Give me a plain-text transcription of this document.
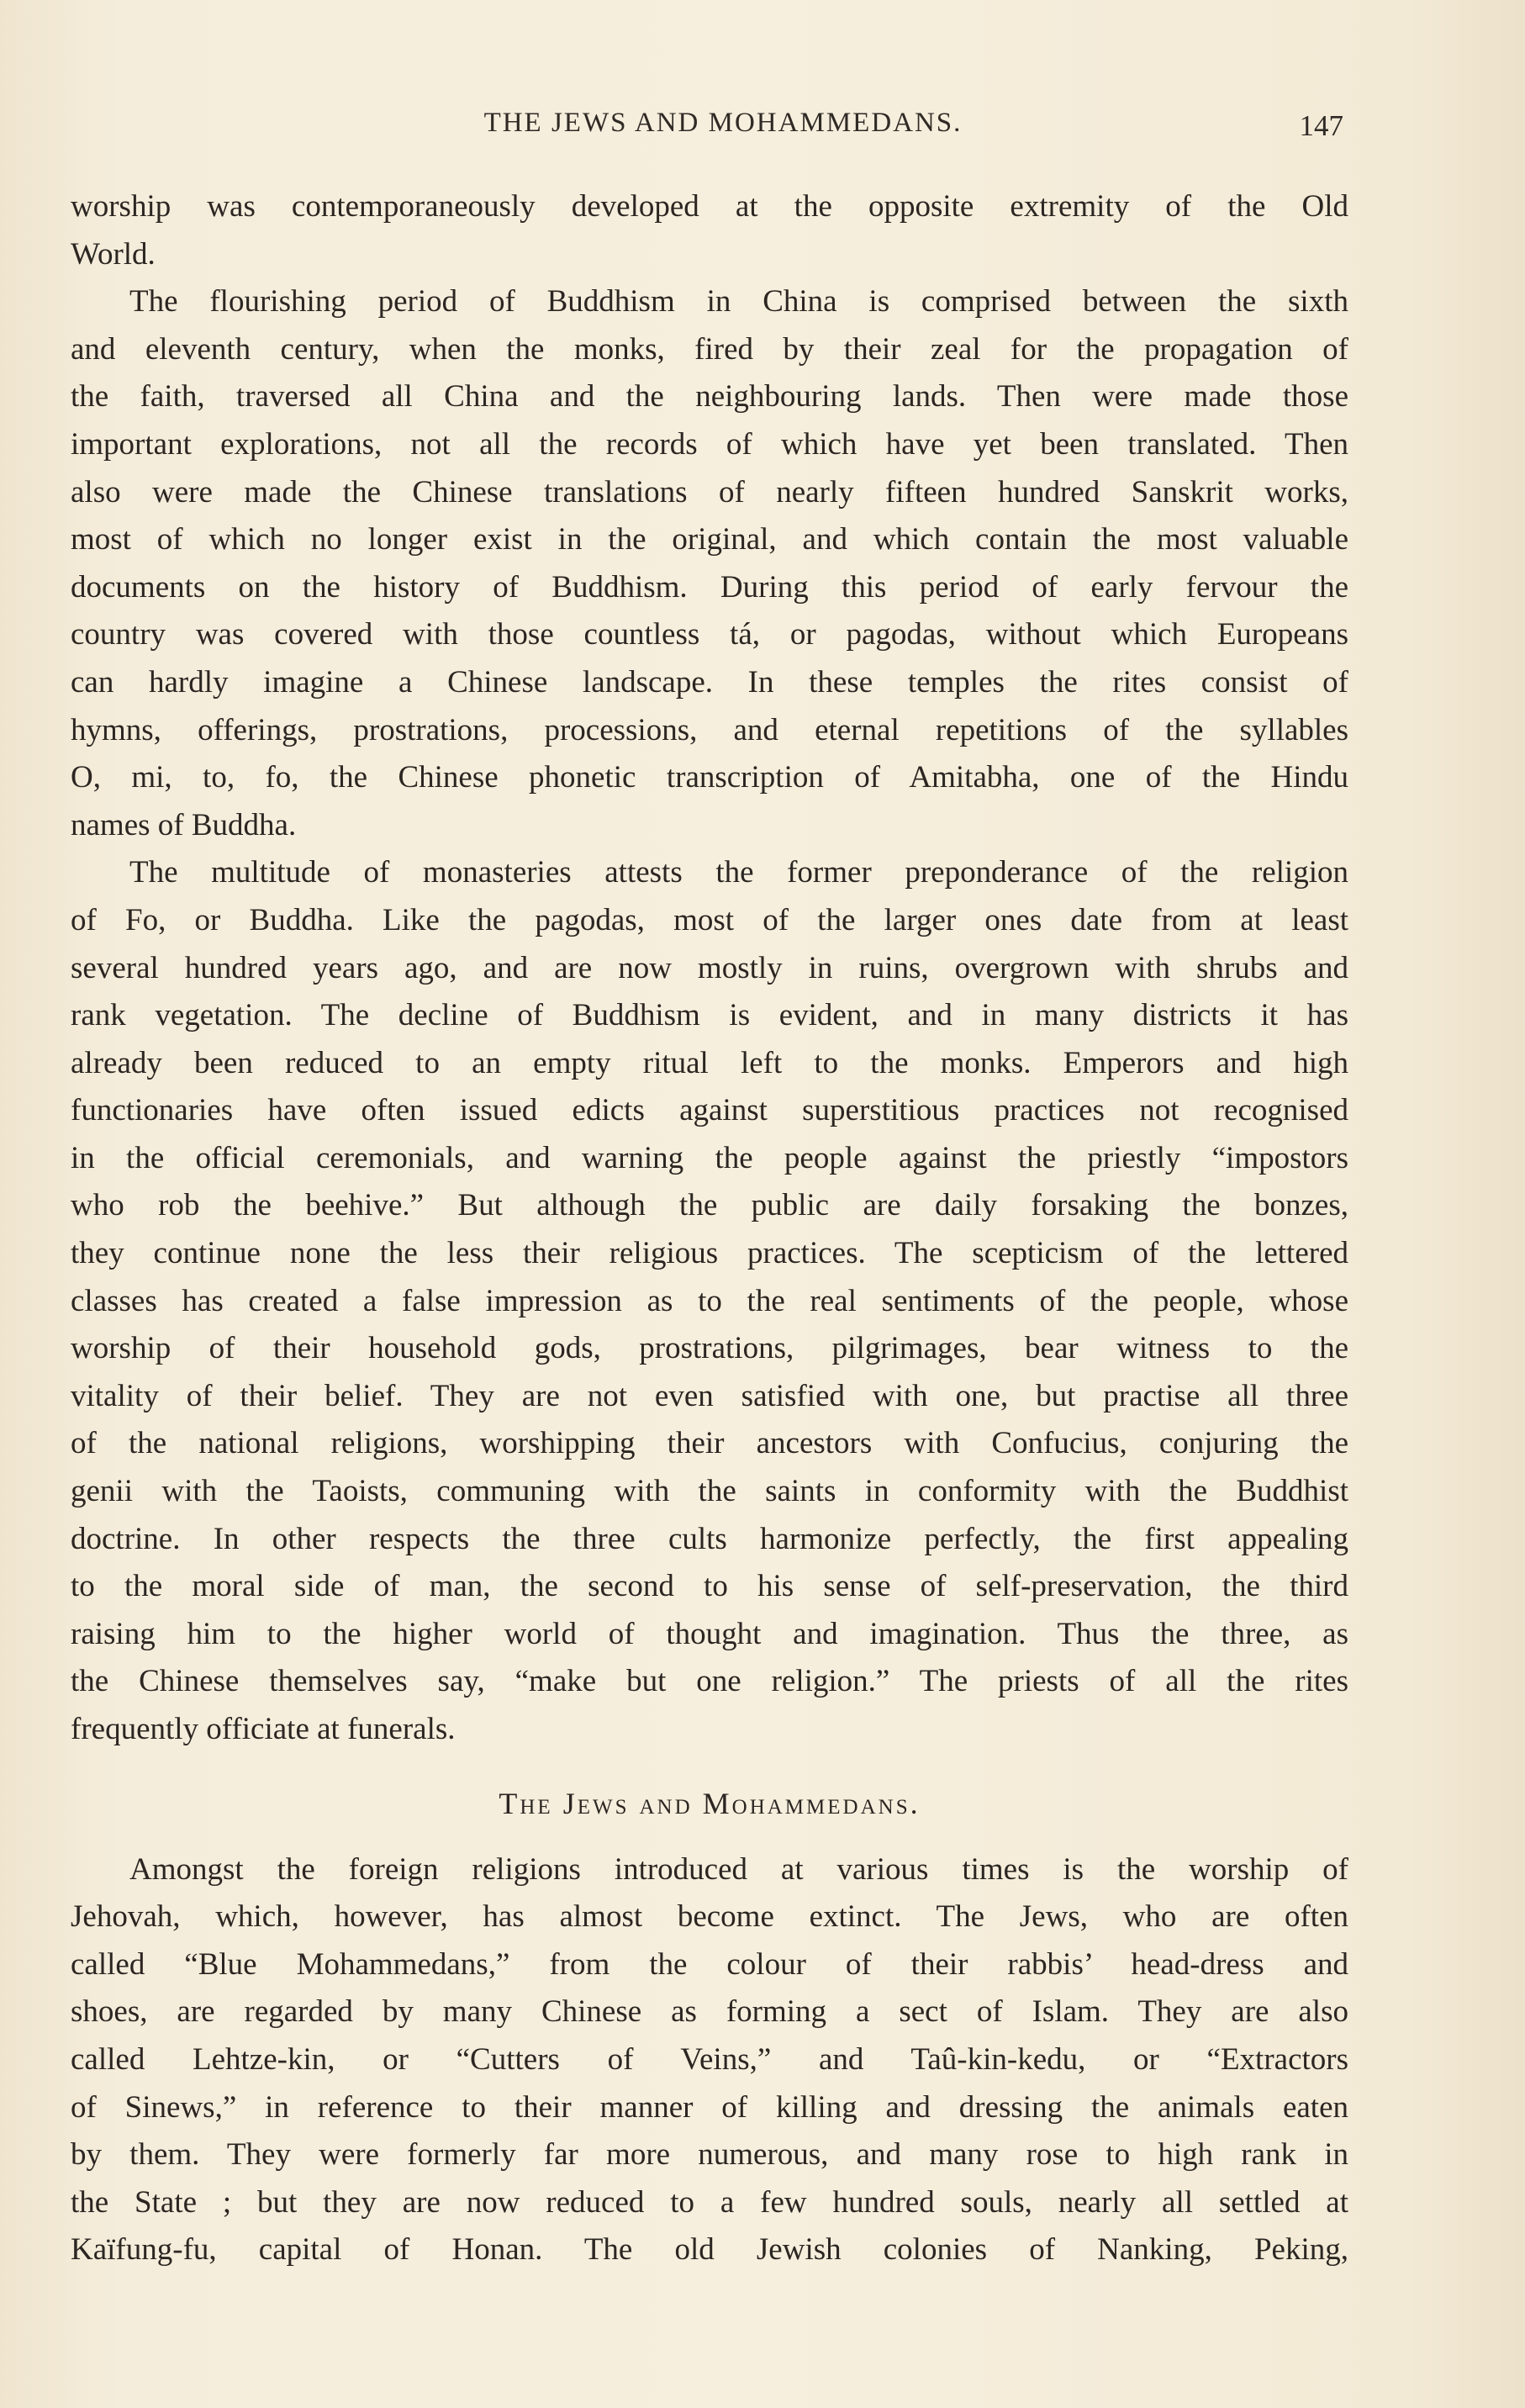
THE JEWS AND MOHAMMEDANS.	147
worship was contemporaneously developed at the opposite extremity of the Old
World.
The flourishing period of Buddhism in China is comprised between the sixth
and eleventh century, when the monks, fired by their zeal for the propagation of
the faith, traversed all China and the neighbouring lands. Then were made those
important explorations, not all the records of which have yet been translated. Then
also were made the Chinese translations of nearly fifteen hundred Sanskrit works,
most of which no longer exist in the original, and which contain the most valuable
documents on the history of Buddhism. During this period of early fervour the
country was covered with those countless tá, or pagodas, without which Europeans
can hardly imagine a Chinese landscape. In these temples the rites consist of
hymns, offerings, prostrations, processions, and eternal repetitions of the syllables
O, mi, to, fo, the Chinese phonetic transcription of Amitabha, one of the Hindu
names of Buddha.
The multitude of monasteries attests the former preponderance of the religion
of Fo, or Buddha. Like the pagodas, most of the larger ones date from at least
several hundred years ago, and are now mostly in ruins, overgrown with shrubs and
rank vegetation. The decline of Buddhism is evident, and in many districts it has
already been reduced to an empty ritual left to the monks. Emperors and high
functionaries have often issued edicts against superstitious practices not recognised
in the official ceremonials, and warning the people against the priestly “impostors
who rob the beehive.” But although the public are daily forsaking the bonzes,
they continue none the less their religious practices. The scepticism of the lettered
classes has created a false impression as to the real sentiments of the people, whose
worship of their household gods, prostrations, pilgrimages, bear witness to the
vitality of their belief. They are not even satisfied with one, but practise all three
of the national religions, worshipping their ancestors with Confucius, conjuring the
genii with the Taoists, communing with the saints in conformity with the Buddhist
doctrine. In other respects the three cults harmonize perfectly, the first appealing
to the moral side of man, the second to his sense of self-preservation, the third
raising him to the higher world of thought and imagination. Thus the three, as
the Chinese themselves say, “make but one religion.” The priests of all the rites
frequently officiate at funerals.
The Jews and Mohammedans.
Amongst the foreign religions introduced at various times is the worship of
Jehovah, which, however, has almost become extinct. The Jews, who are often
called “Blue Mohammedans,” from the colour of their rabbis’ head-dress and
shoes, are regarded by many Chinese as forming a sect of Islam. They are also
called Lehtze-kin, or “Cutters of Veins,” and Taû-kin-kedu, or “Extractors
of Sinews,” in reference to their manner of killing and dressing the animals eaten
by them. They were formerly far more numerous, and many rose to high rank in
the State ; but they are now reduced to a few hundred souls, nearly all settled at
Kaïfung-fu, capital of Honan. The old Jewish colonies of Nanking, Peking,
